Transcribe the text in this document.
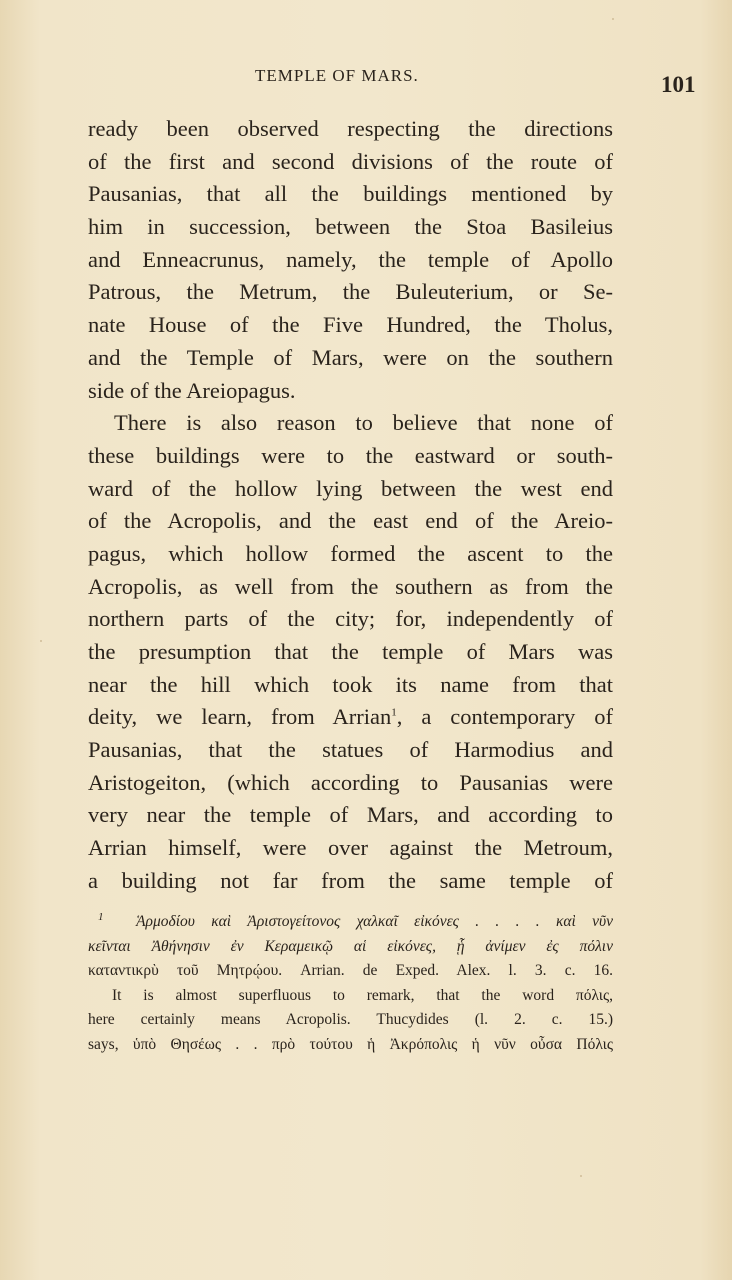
TEMPLE OF MARS.	101
ready been observed respecting the directions
of the first and second divisions of the route of
Pausanias, that all the buildings mentioned by
him in succession, between the Stoa Basileius
and Enneacrunus, namely, the temple of Apollo
Patrous, the Metrum, the Buleuterium, or Se-
nate House of the Five Hundred, the Tholus,
and the Temple of Mars, were on the southern
side of the Areiopagus.
There is also reason to believe that none of
these buildings were to the eastward or south-
ward of the hollow lying between the west end
of the Acropolis, and the east end of the Areio-
pagus, which hollow formed the ascent to the
Acropolis, as well from the southern as from the
northern parts of the city; for, independently of
the presumption that the temple of Mars was
near the hill which took its name from that
deity, we learn, from Arrian$^1$, a contemporary of
Pausanias, that the statues of Harmodius and
Aristogeiton, (which according to Pausanias were
very near the temple of Mars, and according to
Arrian himself, were over against the Metroum,
a building not far from the same temple of
$^1$ Ἁρμοδίου καὶ Ἀριστογείτονος χαλκαῖ εἰκόνες . . . . καὶ νῦν
κεῖνται Ἀθήνησιν ἐν Κεραμεικῷ αἱ εἰκόνες, ᾗ ἀνίμεν ἐς πόλιν
καταντικρὺ τοῦ Μητρῴου. Arrian. de Exped. Alex. l. 3. c. 16.
It is almost superfluous to remark, that the word πόλις,
here certainly means Acropolis. Thucydides (l. 2. c. 15.)
says, ὑπὸ Θησέως . . πρὸ τούτου ἡ Ἀκρόπολις ἡ νῦν οὖσα Πόλις
